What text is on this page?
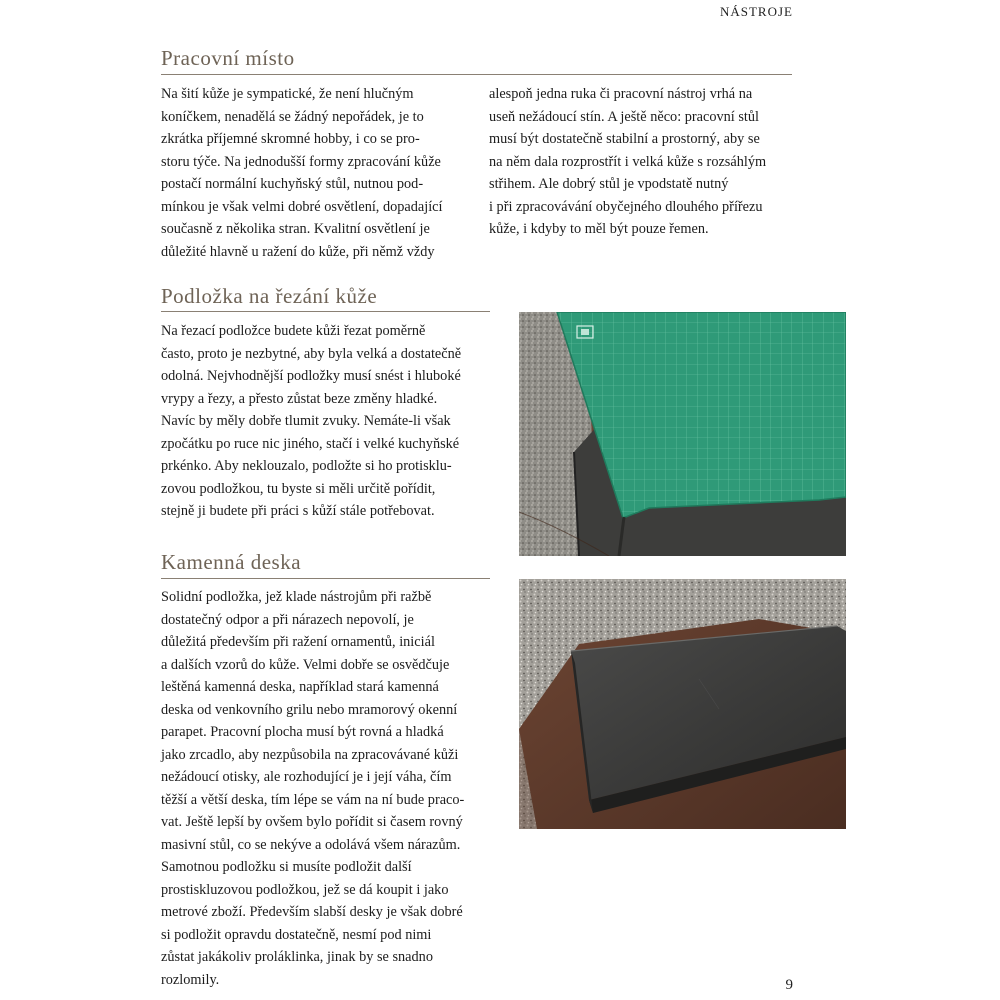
NÁSTROJE
Pracovní místo
Na šití kůže je sympatické, že není hlučným
koníčkem, nenadělá se žádný nepořádek, je to
zkrátka příjemné skromné hobby, i co se pro-
storu týče. Na jednodušší formy zpracování kůže
postačí normální kuchyňský stůl, nutnou pod-
mínkou je však velmi dobré osvětlení, dopadající
současně z několika stran. Kvalitní osvětlení je
důležité hlavně u ražení do kůže, při němž vždy
alespoň jedna ruka či pracovní nástroj vrhá na
useň nežádoucí stín. A ještě něco: pracovní stůl
musí být dostatečně stabilní a prostorný, aby se
na něm dala rozprostřít i velká kůže s rozsáhlým
střihem. Ale dobrý stůl je vpodstatě nutný
i při zpracovávání obyčejného dlouhého přířezu
kůže, i kdyby to měl být pouze řemen.
Podložka na řezání kůže
Na řezací podložce budete kůži řezat poměrně
často, proto je nezbytné, aby byla velká a dostatečně
odolná. Nejvhodnější podložky musí snést i hluboké
vrypy a řezy, a přesto zůstat beze změny hladké.
Navíc by měly dobře tlumit zvuky. Nemáte-li však
zpočátku po ruce nic jiného, stačí i velké kuchyňské
prkénko. Aby neklouzalo, podložte si ho protisklu-
zovou podložkou, tu byste si měli určitě pořídit,
stejně ji budete při práci s kůží stále potřebovat.
Kamenná deska
Solidní podložka, jež klade nástrojům při ražbě
dostatečný odpor a při nárazech nepovolí, je
důležitá především při ražení ornamentů, iniciál
a dalších vzorů do kůže. Velmi dobře se osvědčuje
leštěná kamenná deska, například stará kamenná
deska od venkovního grilu nebo mramorový okenní
parapet. Pracovní plocha musí být rovná a hladká
jako zrcadlo, aby nezpůsobila na zpracovávané kůži
nežádoucí otisky, ale rozhodující je i její váha, čím
těžší a větší deska, tím lépe se vám na ní bude praco-
vat. Ještě lepší by ovšem bylo pořídit si časem rovný
masivní stůl, co se nekýve a odolává všem nárazům.
Samotnou podložku si musíte podložit další
prostiskluzovou podložkou, jež se dá koupit i jako
metrové zboží. Především slabší desky je však dobré
si podložit opravdu dostatečně, nesmí pod nimi
zůstat jakákoliv proláklinka, jinak by se snadno
rozlomily.	9
